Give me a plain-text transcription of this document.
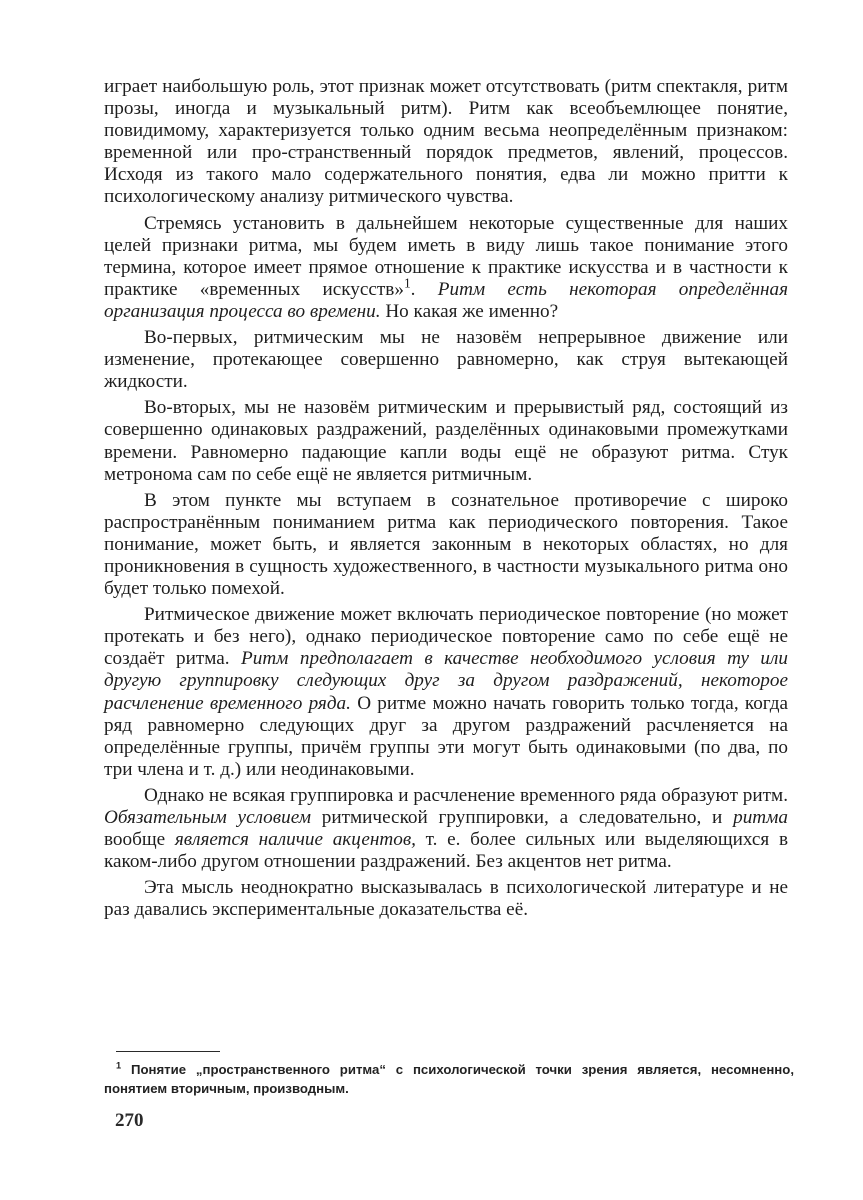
играет наибольшую роль, этот признак может отсутствовать (ритм спектакля, ритм прозы, иногда и музыкальный ритм). Ритм как всеобъемлющее понятие, повидимому, характеризуется только одним весьма неопределённым признаком: временной или про-странственный порядок предметов, явлений, процессов. Исходя из такого мало содержательного понятия, едва ли можно притти к психологическому анализу ритмического чувства.

Стремясь установить в дальнейшем некоторые существенные для наших целей признаки ритма, мы будем иметь в виду лишь такое понимание этого термина, которое имеет прямое отношение к практике искусства и в частности к практике «временных искусств»$^1$. Ритм есть некоторая определённая организация процесса во времени. Но какая же именно?

Во-первых, ритмическим мы не назовём непрерывное движение или изменение, протекающее совершенно равномерно, как струя вытекающей жидкости.

Во-вторых, мы не назовём ритмическим и прерывистый ряд, состоящий из совершенно одинаковых раздражений, разделённых одинаковыми промежутками времени. Равномерно падающие капли воды ещё не образуют ритма. Стук метронома сам по себе ещё не является ритмичным.

В этом пункте мы вступаем в сознательное противоречие с широко распространённым пониманием ритма как периодического повторения. Такое понимание, может быть, и является законным в некоторых областях, но для проникновения в сущность художественного, в частности музыкального ритма оно будет только помехой.

Ритмическое движение может включать периодическое повторение (но может протекать и без него), однако периодическое повторение само по себе ещё не создаёт ритма. Ритм предполагает в качестве необходимого условия ту или другую группировку следующих друг за другом раздражений, некоторое расчленение временного ряда. О ритме можно начать говорить только тогда, когда ряд равномерно следующих друг за другом раздражений расчленяется на определённые группы, причём группы эти могут быть одинаковыми (по два, по три члена и т. д.) или неодинаковыми.

Однако не всякая группировка и расчленение временного ряда образуют ритм. Обязательным условием ритмической группировки, а следовательно, и ритма вообще является наличие акцентов, т. е. более сильных или выделяющихся в каком-либо другом отношении раздражений. Без акцентов нет ритма.

Эта мысль неоднократно высказывалась в психологической литературе и не раз давались экспериментальные доказательства её.

$^1$ Понятие „пространственного ритма“ с психологической точки зрения является, несомненно, понятием вторичным, производным.
270
